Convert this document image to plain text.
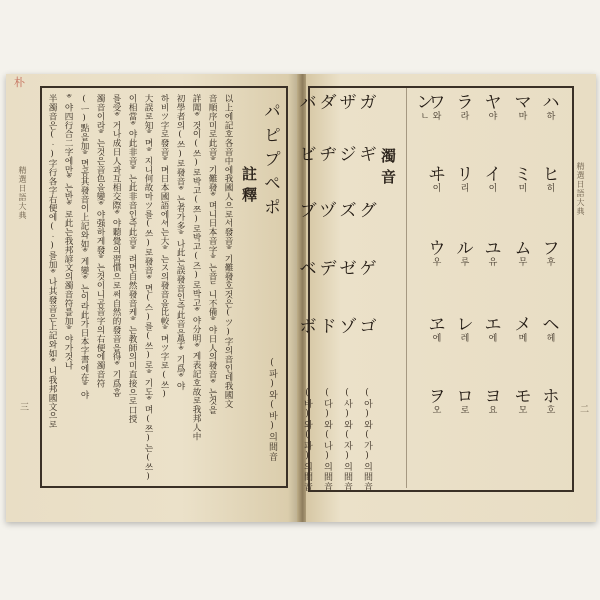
朴
精選日語大典
三
パピプペポ
(파)와(바)의間音
註釋
以上에記호各音中에我國人으로서發音ᄒ기難發호것은(ツ)字의音인데我國文
音順序미로此音ᄒ기難發ᄒ며니日本音字ᄒ는音ᄃ니不備ᄒ야日人의發音ᄒ는것을
詳聞ᄒ것이(쓰)로박고(쯔)로박고(즈)로박고ᄒ야分明ᄒ게表記호故로我邦人中
初學者의(쓰)로發音ᄒ는者가多ᄒ나此는誤發音인즉此音을學ᄒ기爲ᄒ야
하비ツ字로發音ᄒ며日本國語에셔는大ᄒ는ス의發音을比較ᄒ며ツ字로(쓰)
大誤로知ᄒ며ᄒ지니何故마ツ를(쓰)로發音ᄒ면(스)를(쓰)로ᄒ기도ᄒ며(쯔)는(쓰)
이相當ᄒ야此非音ᄒ는此非音인즉此音ᄒ려면自然發音케ᄒ는教師의미直接으로口授
를受ᄒ거나成日人과互相交際ᄒ야聽覺의習慣으로써自然的發音을得ᄒ기爲홈
濁音이라ᄒ는것은音色을變ᄒ야强하게發ᄒ는것이니곰音字의右便에濁音符
(ᅳ)點을加ᄒ면곰其發音이上記와如ᄒ게變ᄒ는이라此가日本字書에在ᄒ야
ᄒ야四行合二字에만ᄒ는반ᄒ로此는我邦諺文의濁音符를加ᄒ야가것나
半濁音은(ᆞ)字行各字右便에(ᆞ)를加ᄒ나其發音은上記와如ᄒ니我邦國文으로	精選日語大典
二
ハ
하
ヒ
히
フ
후
ヘ
헤
ホ
호
マ
마
ミ
미
ム
무
メ
메
モ
모
ヤ
야
イ
이
ユ
유
エ
에
ヨ
요
ラ
라
リ
리
ル
루
レ
레
ロ
로
ワ
와
ヰ
이
ウ
우
ヱ
에
ヲ
오
ン
ㄴ
濁音
ガ
ギ
グ
ゲ
ゴ
(아)와(가)의間音
ザ
ジ
ズ
ゼ
ゾ
(사)와(자)의間音
ダ
ヂ
ヅ
デ
ド
(다)와(나)의間音
バ
ビ
ブ
ベ
ボ
(바)와(파)의間音
